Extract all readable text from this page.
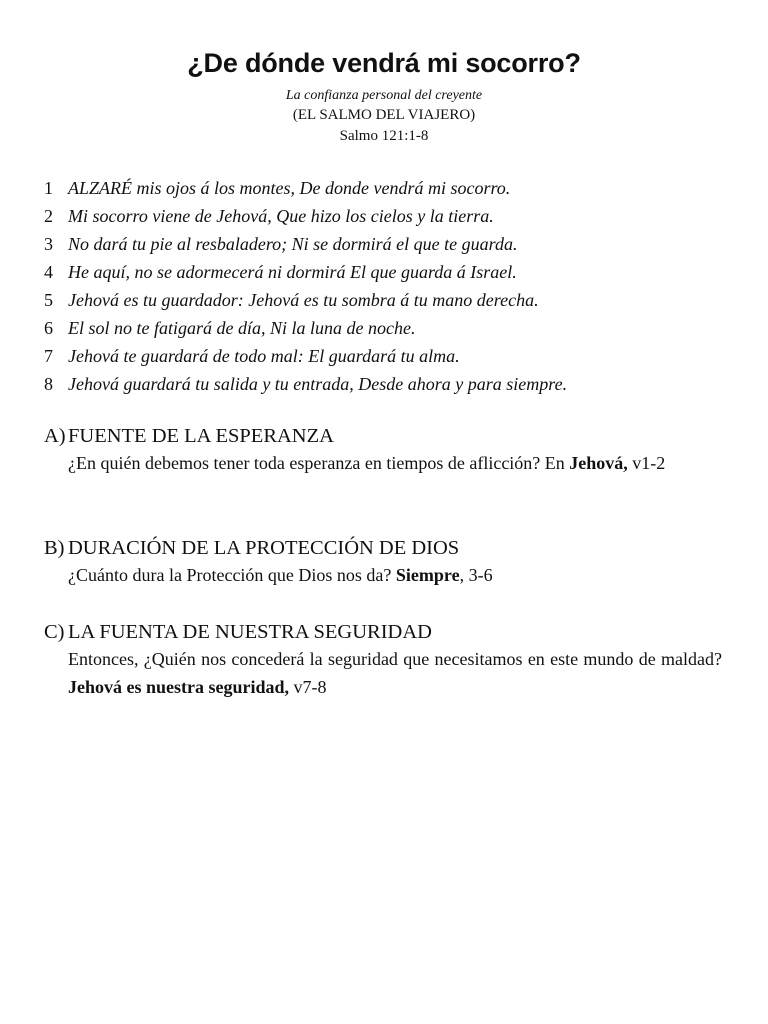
¿De dónde vendrá mi socorro?
La confianza personal del creyente
(EL SALMO DEL VIAJERO)
Salmo 121:1-8
1 ALZARÉ mis ojos á los montes, De donde vendrá mi socorro.
2 Mi socorro viene de Jehová, Que hizo los cielos y la tierra.
3 No dará tu pie al resbaladero; Ni se dormirá el que te guarda.
4 He aquí, no se adormecerá ni dormirá El que guarda á Israel.
5 Jehová es tu guardador: Jehová es tu sombra á tu mano derecha.
6 El sol no te fatigará de día, Ni la luna de noche.
7 Jehová te guardará de todo mal: El guardará tu alma.
8 Jehová guardará tu salida y tu entrada, Desde ahora y para siempre.
A) FUENTE DE LA ESPERANZA
¿En quién debemos tener toda esperanza en tiempos de aflicción? En Jehová, v1-2
B) DURACIÓN DE LA PROTECCIÓN DE DIOS
¿Cuánto dura la Protección que Dios nos da? Siempre, 3-6
C) LA FUENTA DE NUESTRA SEGURIDAD
Entonces, ¿Quién nos concederá la seguridad que necesitamos en este mundo de maldad? Jehová es nuestra seguridad, v7-8
